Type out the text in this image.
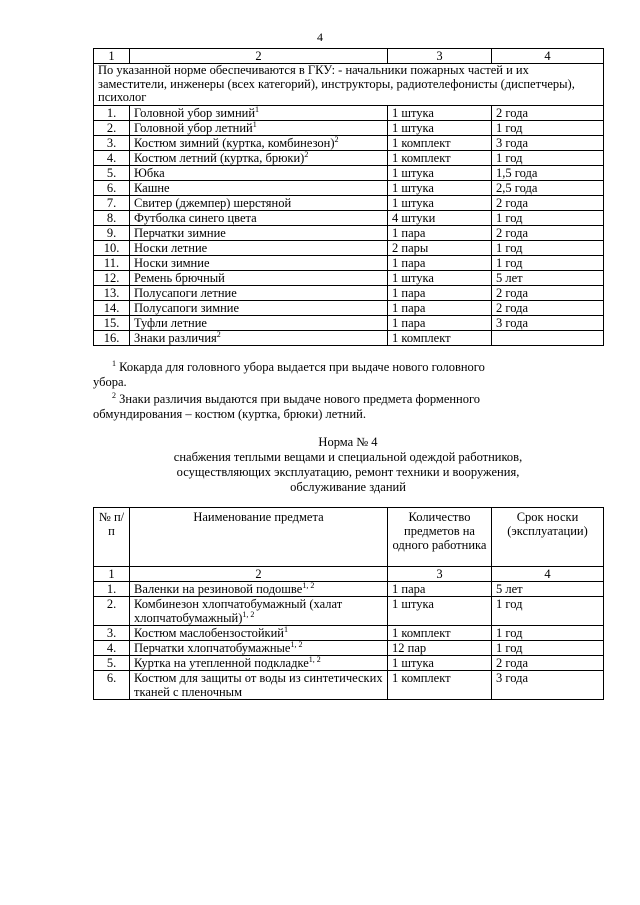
4
1	2	3	4
По указанной норме обеспечиваются в ГКУ: - начальники пожарных частей и их заместители, инженеры (всех категорий), инструкторы, радиотелефонисты (диспетчеры), психолог			
1.	Головной убор зимний$^1$	1 штука	2 года
2.	Головной убор летний$^1$	1 штука	1 год
3.	Костюм зимний (куртка, комбинезон)$^2$	1 комплект	3 года
4.	Костюм летний (куртка, брюки)$^2$	1 комплект	1 год
5.	Юбка	1 штука	1,5 года
6.	Кашне	1 штука	2,5 года
7.	Свитер (джемпер) шерстяной	1 штука	2 года
8.	Футболка синего цвета	4 штуки	1 год
9.	Перчатки зимние	1 пара	2 года
10.	Носки летние	2 пары	1 год
11.	Носки зимние	1 пара	1 год
12.	Ремень брючный	1 штука	5 лет
13.	Полусапоги летние	1 пара	2 года
14.	Полусапоги зимние	1 пара	2 года
15.	Туфли летние	1 пара	3 года
16.	Знаки различия$^2$	1 комплект	
$^1$ Кокарда для головного убора выдается при выдаче нового головного
убора.
$^2$ Знаки различия выдаются при выдаче нового предмета форменного
обмундирования – костюм (куртка, брюки) летний.
Норма № 4
снабжения теплыми вещами и специальной одеждой работников,
осуществляющих эксплуатацию, ремонт техники и вооружения,
обслуживание зданий
№ п/п	Наименование предмета	Количество предметов на одного работника	Срок носки (эксплуатации)
1	2	3	4
1.	Валенки на резиновой подошве$^{1, 2}$	1 пара	5 лет
2.	Комбинезон хлопчатобумажный (халат хлопчатобумажный)$^{1, 2}$	1 штука	1 год
3.	Костюм маслобензостойкий$^1$	1 комплект	1 год
4.	Перчатки хлопчатобумажные$^{1, 2}$	12 пар	1 год
5.	Куртка на утепленной подкладке$^{1, 2}$	1 штука	2 года
6.	Костюм для защиты от воды из синтетических тканей с пленочным	1 комплект	3 года
